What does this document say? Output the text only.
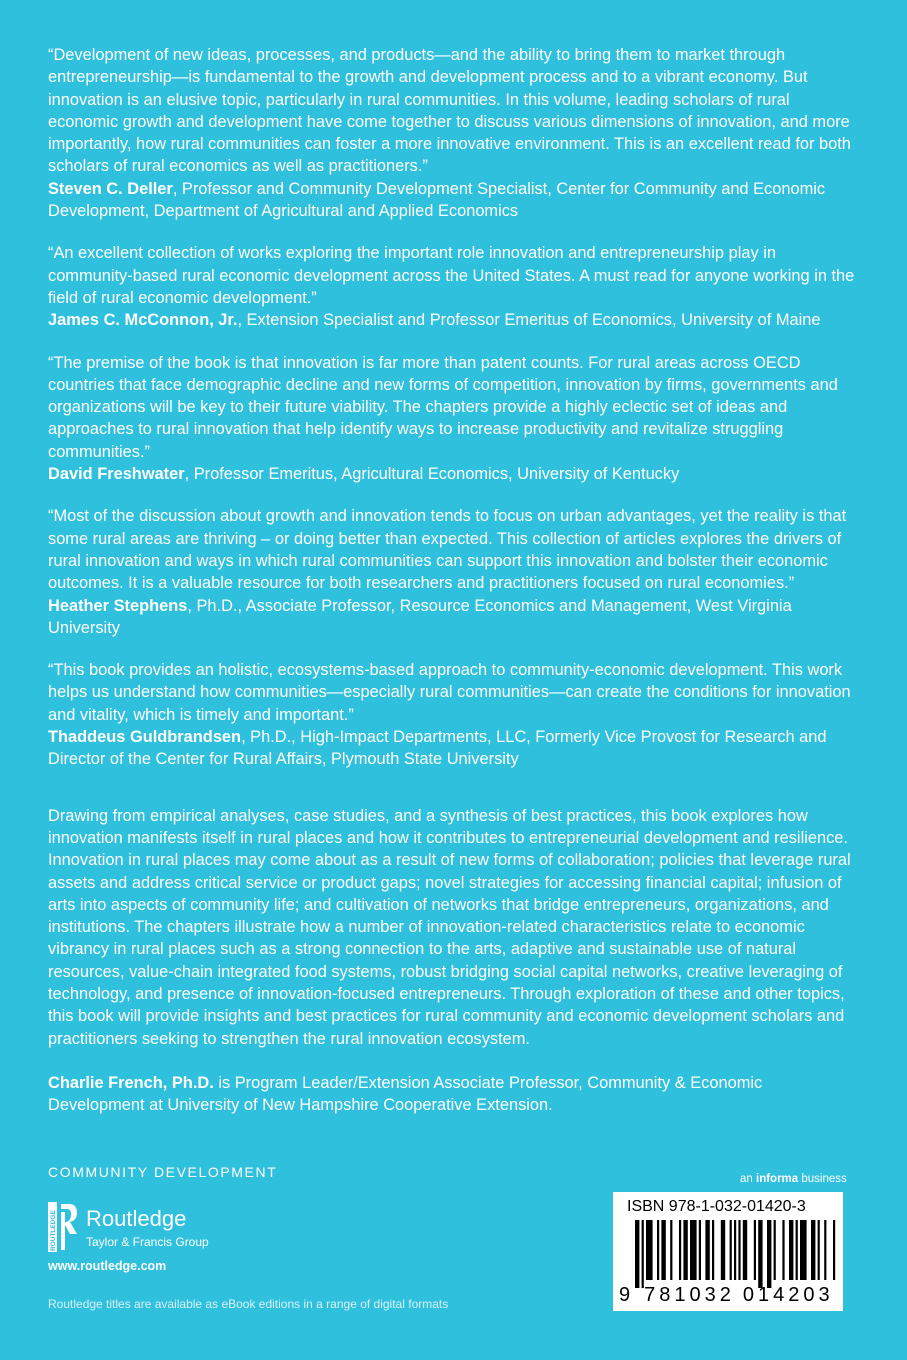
“Development of new ideas, processes, and products—and the ability to bring them to market through entrepreneurship—is fundamental to the growth and development process and to a vibrant economy. But innovation is an elusive topic, particularly in rural communities. In this volume, leading scholars of rural economic growth and development have come together to discuss various dimensions of innovation, and more importantly, how rural communities can foster a more innovative environment. This is an excellent read for both scholars of rural economics as well as practitioners.”

Steven C. Deller, Professor and Community Development Specialist, Center for Community and Economic Development, Department of Agricultural and Applied Economics

“An excellent collection of works exploring the important role innovation and entrepreneurship play in community-based rural economic development across the United States. A must read for anyone working in the field of rural economic development.”

James C. McConnon, Jr., Extension Specialist and Professor Emeritus of Economics, University of Maine

“The premise of the book is that innovation is far more than patent counts. For rural areas across OECD countries that face demographic decline and new forms of competition, innovation by firms, governments and organizations will be key to their future viability. The chapters provide a highly eclectic set of ideas and approaches to rural innovation that help identify ways to increase productivity and revitalize struggling communities.”

David Freshwater, Professor Emeritus, Agricultural Economics, University of Kentucky

“Most of the discussion about growth and innovation tends to focus on urban advantages, yet the reality is that some rural areas are thriving – or doing better than expected. This collection of articles explores the drivers of rural innovation and ways in which rural communities can support this innovation and bolster their economic outcomes. It is a valuable resource for both researchers and practitioners focused on rural economies.”

Heather Stephens, Ph.D., Associate Professor, Resource Economics and Management, West Virginia University

“This book provides an holistic, ecosystems-based approach to community-economic development. This work helps us understand how communities—especially rural communities—can create the conditions for innovation and vitality, which is timely and important.”

Thaddeus Guldbrandsen, Ph.D., High-Impact Departments, LLC, Formerly Vice Provost for Research and Director of the Center for Rural Affairs, Plymouth State University

Drawing from empirical analyses, case studies, and a synthesis of best practices, this book explores how innovation manifests itself in rural places and how it contributes to entrepreneurial development and resilience. Innovation in rural places may come about as a result of new forms of collaboration; policies that leverage rural assets and address critical service or product gaps; novel strategies for accessing financial capital; infusion of arts into aspects of community life; and cultivation of networks that bridge entrepreneurs, organizations, and institutions. The chapters illustrate how a number of innovation-related characteristics relate to economic vibrancy in rural places such as a strong connection to the arts, adaptive and sustainable use of natural resources, value-chain integrated food systems, robust bridging social capital networks, creative leveraging of technology, and presence of innovation-focused entrepreneurs. Through exploration of these and other topics, this book will provide insights and best practices for rural community and economic development scholars and practitioners seeking to strengthen the rural innovation ecosystem.

Charlie French, Ph.D. is Program Leader/Extension Associate Professor, Community & Economic Development at University of New Hampshire Cooperative Extension.

COMMUNITY DEVELOPMENT
ROUTLEDGE Routledge
Taylor & Francis Group
www.routledge.com
Routledge titles are available as eBook editions in a range of digital formats
an informa business
ISBN 978-1-032-01420-3
9 781032 014203
